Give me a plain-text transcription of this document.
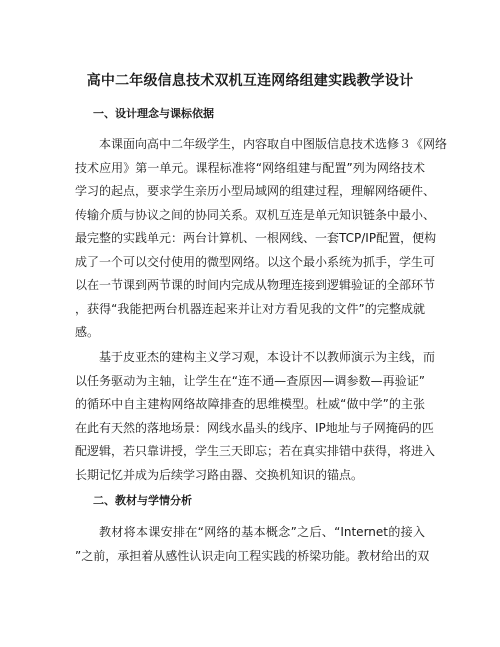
高中二年级信息技术双机互连网络组建实践教学设计
一、设计理念与课标依据
本课面向高中二年级学生，内容取自中图版信息技术选修３《网络
技术应用》第一单元。课程标准将“网络组建与配置”列为网络技术
学习的起点，要求学生亲历小型局域网的组建过程，理解网络硬件、
传输介质与协议之间的协同关系。双机互连是单元知识链条中最小、
最完整的实践单元：两台计算机、一根网线、一套TCP/IP配置，便构
成了一个可以交付使用的微型网络。以这个最小系统为抓手，学生可
以在一节课到两节课的时间内完成从物理连接到逻辑验证的全部环节
，获得“我能把两台机器连起来并让对方看见我的文件”的完整成就
感。
基于皮亚杰的建构主义学习观，本设计不以教师演示为主线，而
以任务驱动为主轴，让学生在“连不通—查原因—调参数—再验证”
的循环中自主建构网络故障排查的思维模型。杜威“做中学”的主张
在此有天然的落地场景：网线水晶头的线序、IP地址与子网掩码的匹
配逻辑，若只靠讲授，学生三天即忘；若在真实排错中获得，将进入
长期记忆并成为后续学习路由器、交换机知识的锚点。
二、教材与学情分析
教材将本课安排在“网络的基本概念”之后、“Internet的接入
”之前，承担着从感性认识走向工程实践的桥梁功能。教材给出的双
